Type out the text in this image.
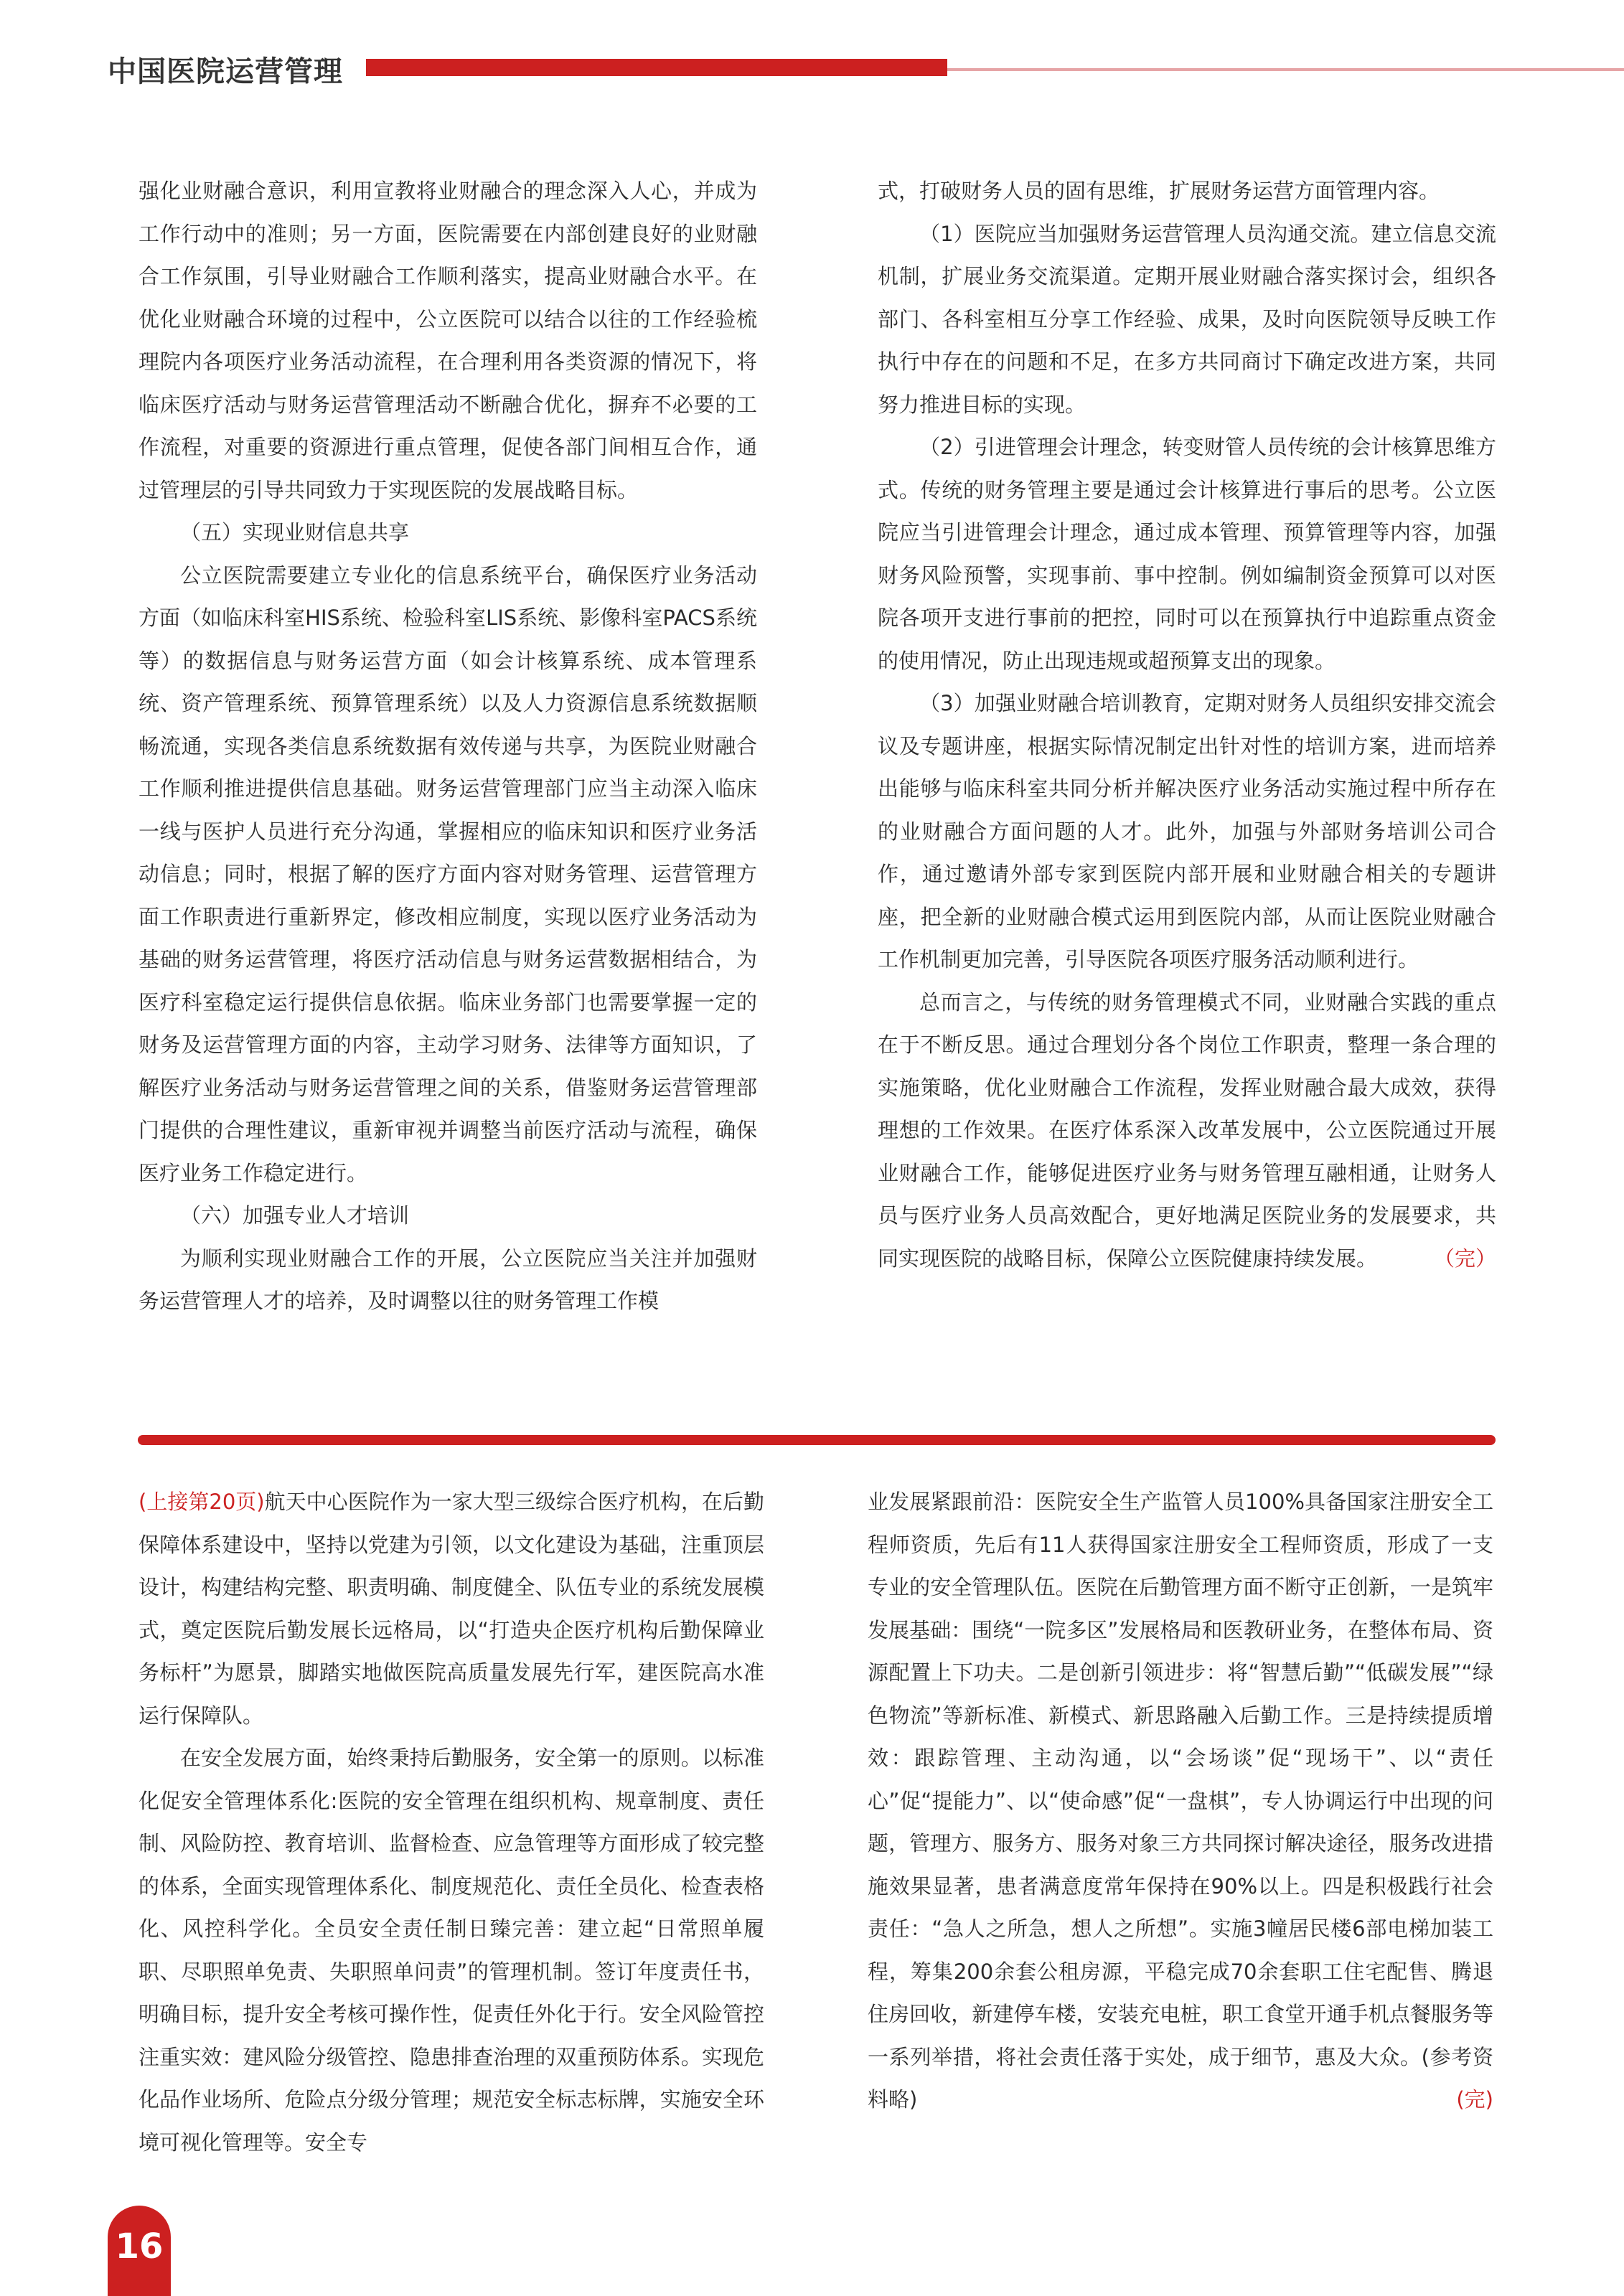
中国医院运营管理

强化业财融合意识，利用宣教将业财融合的理念深入人心，并成为工作行动中的准则；另一方面，医院需要在内部创建良好的业财融合工作氛围，引导业财融合工作顺利落实，提高业财融合水平。在优化业财融合环境的过程中，公立医院可以结合以往的工作经验梳理院内各项医疗业务活动流程，在合理利用各类资源的情况下，将临床医疗活动与财务运营管理活动不断融合优化，摒弃不必要的工作流程，对重要的资源进行重点管理，促使各部门间相互合作，通过管理层的引导共同致力于实现医院的发展战略目标。

（五）实现业财信息共享

公立医院需要建立专业化的信息系统平台，确保医疗业务活动方面（如临床科室HIS系统、检验科室LIS系统、影像科室PACS系统等）的数据信息与财务运营方面（如会计核算系统、成本管理系统、资产管理系统、预算管理系统）以及人力资源信息系统数据顺畅流通，实现各类信息系统数据有效传递与共享，为医院业财融合工作顺利推进提供信息基础。财务运营管理部门应当主动深入临床一线与医护人员进行充分沟通，掌握相应的临床知识和医疗业务活动信息；同时，根据了解的医疗方面内容对财务管理、运营管理方面工作职责进行重新界定，修改相应制度，实现以医疗业务活动为基础的财务运营管理，将医疗活动信息与财务运营数据相结合，为医疗科室稳定运行提供信息依据。临床业务部门也需要掌握一定的财务及运营管理方面的内容，主动学习财务、法律等方面知识，了解医疗业务活动与财务运营管理之间的关系，借鉴财务运营管理部门提供的合理性建议，重新审视并调整当前医疗活动与流程，确保医疗业务工作稳定进行。

（六）加强专业人才培训

为顺利实现业财融合工作的开展，公立医院应当关注并加强财务运营管理人才的培养，及时调整以往的财务管理工作模

式，打破财务人员的固有思维，扩展财务运营方面管理内容。

（1）医院应当加强财务运营管理人员沟通交流。建立信息交流机制，扩展业务交流渠道。定期开展业财融合落实探讨会，组织各部门、各科室相互分享工作经验、成果，及时向医院领导反映工作执行中存在的问题和不足，在多方共同商讨下确定改进方案，共同努力推进目标的实现。

（2）引进管理会计理念，转变财管人员传统的会计核算思维方式。传统的财务管理主要是通过会计核算进行事后的思考。公立医院应当引进管理会计理念，通过成本管理、预算管理等内容，加强财务风险预警，实现事前、事中控制。例如编制资金预算可以对医院各项开支进行事前的把控，同时可以在预算执行中追踪重点资金的使用情况，防止出现违规或超预算支出的现象。

（3）加强业财融合培训教育，定期对财务人员组织安排交流会议及专题讲座，根据实际情况制定出针对性的培训方案，进而培养出能够与临床科室共同分析并解决医疗业务活动实施过程中所存在的业财融合方面问题的人才。此外，加强与外部财务培训公司合作，通过邀请外部专家到医院内部开展和业财融合相关的专题讲座，把全新的业财融合模式运用到医院内部，从而让医院业财融合工作机制更加完善，引导医院各项医疗服务活动顺利进行。

总而言之，与传统的财务管理模式不同，业财融合实践的重点在于不断反思。通过合理划分各个岗位工作职责，整理一条合理的实施策略，优化业财融合工作流程，发挥业财融合最大成效，获得理想的工作效果。在医疗体系深入改革发展中，公立医院通过开展业财融合工作，能够促进医疗业务与财务管理互融相通，让财务人员与医疗业务人员高效配合，更好地满足医院业务的发展要求，共同实现医院的战略目标，保障公立医院健康持续发展。	（完）

(上接第20页)航天中心医院作为一家大型三级综合医疗机构，在后勤保障体系建设中，坚持以党建为引领，以文化建设为基础，注重顶层设计，构建结构完整、职责明确、制度健全、队伍专业的系统发展模式，奠定医院后勤发展长远格局，以“打造央企医疗机构后勤保障业务标杆”为愿景，脚踏实地做医院高质量发展先行军，建医院高水准运行保障队。

在安全发展方面，始终秉持后勤服务，安全第一的原则。以标准化促安全管理体系化:医院的安全管理在组织机构、规章制度、责任制、风险防控、教育培训、监督检查、应急管理等方面形成了较完整的体系，全面实现管理体系化、制度规范化、责任全员化、检查表格化、风控科学化。全员安全责任制日臻完善：建立起“日常照单履职、尽职照单免责、失职照单问责”的管理机制。签订年度责任书，明确目标，提升安全考核可操作性，促责任外化于行。安全风险管控注重实效：建风险分级管控、隐患排查治理的双重预防体系。实现危化品作业场所、危险点分级分管理；规范安全标志标牌，实施安全环境可视化管理等。安全专

业发展紧跟前沿：医院安全生产监管人员100%具备国家注册安全工程师资质，先后有11人获得国家注册安全工程师资质，形成了一支专业的安全管理队伍。医院在后勤管理方面不断守正创新，一是筑牢发展基础：围绕“一院多区”发展格局和医教研业务，在整体布局、资源配置上下功夫。二是创新引领进步：将“智慧后勤”“低碳发展”“绿色物流”等新标准、新模式、新思路融入后勤工作。三是持续提质增效：跟踪管理、主动沟通，以“会场谈”促“现场干”、以“责任心”促“提能力”、以“使命感”促“一盘棋”，专人协调运行中出现的问题，管理方、服务方、服务对象三方共同探讨解决途径，服务改进措施效果显著，患者满意度常年保持在90%以上。四是积极践行社会责任：“急人之所急，想人之所想”。实施3幢居民楼6部电梯加装工程，筹集200余套公租房源，平稳完成70余套职工住宅配售、腾退住房回收，新建停车楼，安装充电桩，职工食堂开通手机点餐服务等一系列举措，将社会责任落于实处，成于细节，惠及大众。(参考资料略)	(完)

16
